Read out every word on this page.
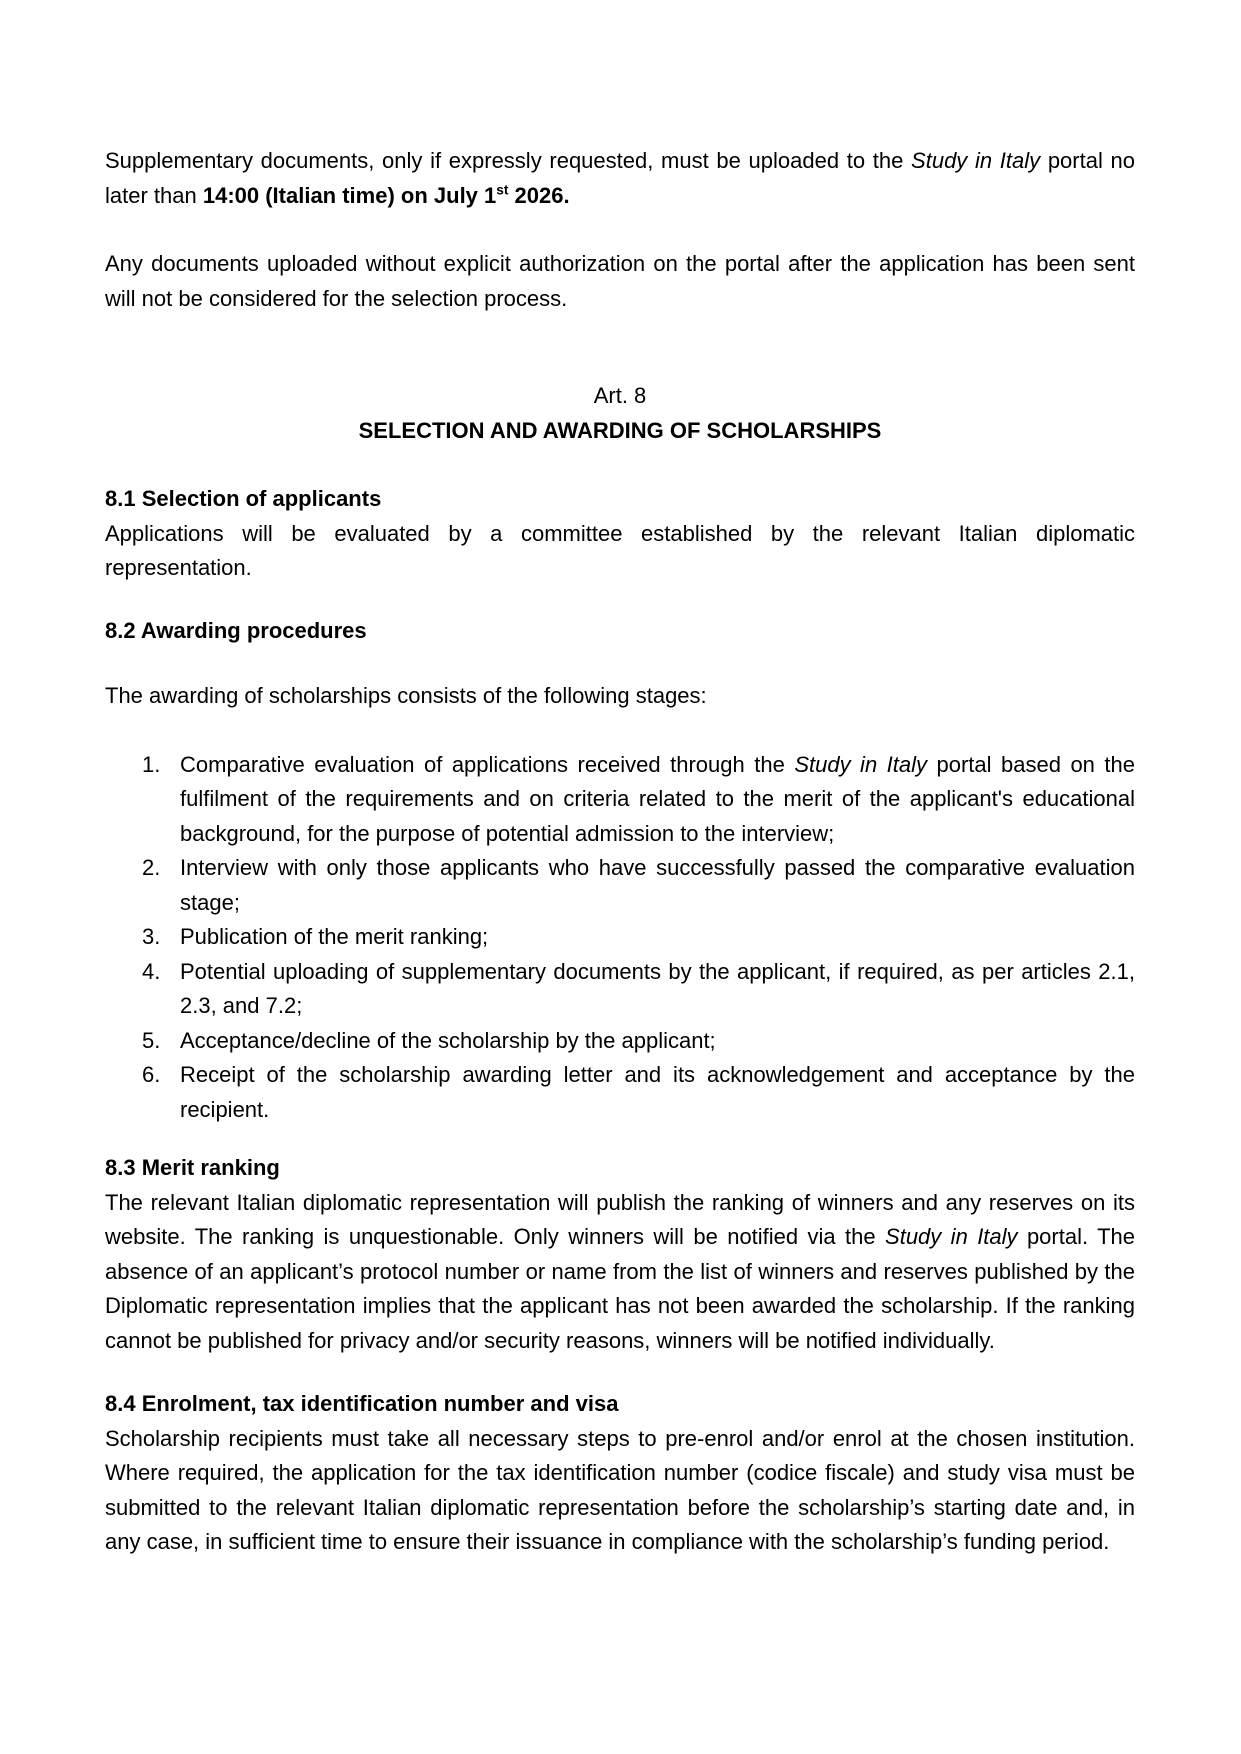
Supplementary documents, only if expressly requested, must be uploaded to the Study in Italy portal no later than 14:00 (Italian time) on July 1st 2026.

Any documents uploaded without explicit authorization on the portal after the application has been sent will not be considered for the selection process.

Art. 8

SELECTION AND AWARDING OF SCHOLARSHIPS

8.1 Selection of applicants

Applications will be evaluated by a committee established by the relevant Italian diplomatic representation.

8.2 Awarding procedures

The awarding of scholarships consists of the following stages:

1. Comparative evaluation of applications received through the Study in Italy portal based on the fulfilment of the requirements and on criteria related to the merit of the applicant's educational background, for the purpose of potential admission to the interview;
2. Interview with only those applicants who have successfully passed the comparative evaluation stage;
3. Publication of the merit ranking;
4. Potential uploading of supplementary documents by the applicant, if required, as per articles 2.1, 2.3, and 7.2;
5. Acceptance/decline of the scholarship by the applicant;
6. Receipt of the scholarship awarding letter and its acknowledgement and acceptance by the recipient.

8.3 Merit ranking

The relevant Italian diplomatic representation will publish the ranking of winners and any reserves on its website. The ranking is unquestionable. Only winners will be notified via the Study in Italy portal. The absence of an applicant’s protocol number or name from the list of winners and reserves published by the Diplomatic representation implies that the applicant has not been awarded the scholarship. If the ranking cannot be published for privacy and/or security reasons, winners will be notified individually.

8.4 Enrolment, tax identification number and visa

Scholarship recipients must take all necessary steps to pre-enrol and/or enrol at the chosen institution. Where required, the application for the tax identification number (codice fiscale) and study visa must be submitted to the relevant Italian diplomatic representation before the scholarship’s starting date and, in any case, in sufficient time to ensure their issuance in compliance with the scholarship’s funding period.
